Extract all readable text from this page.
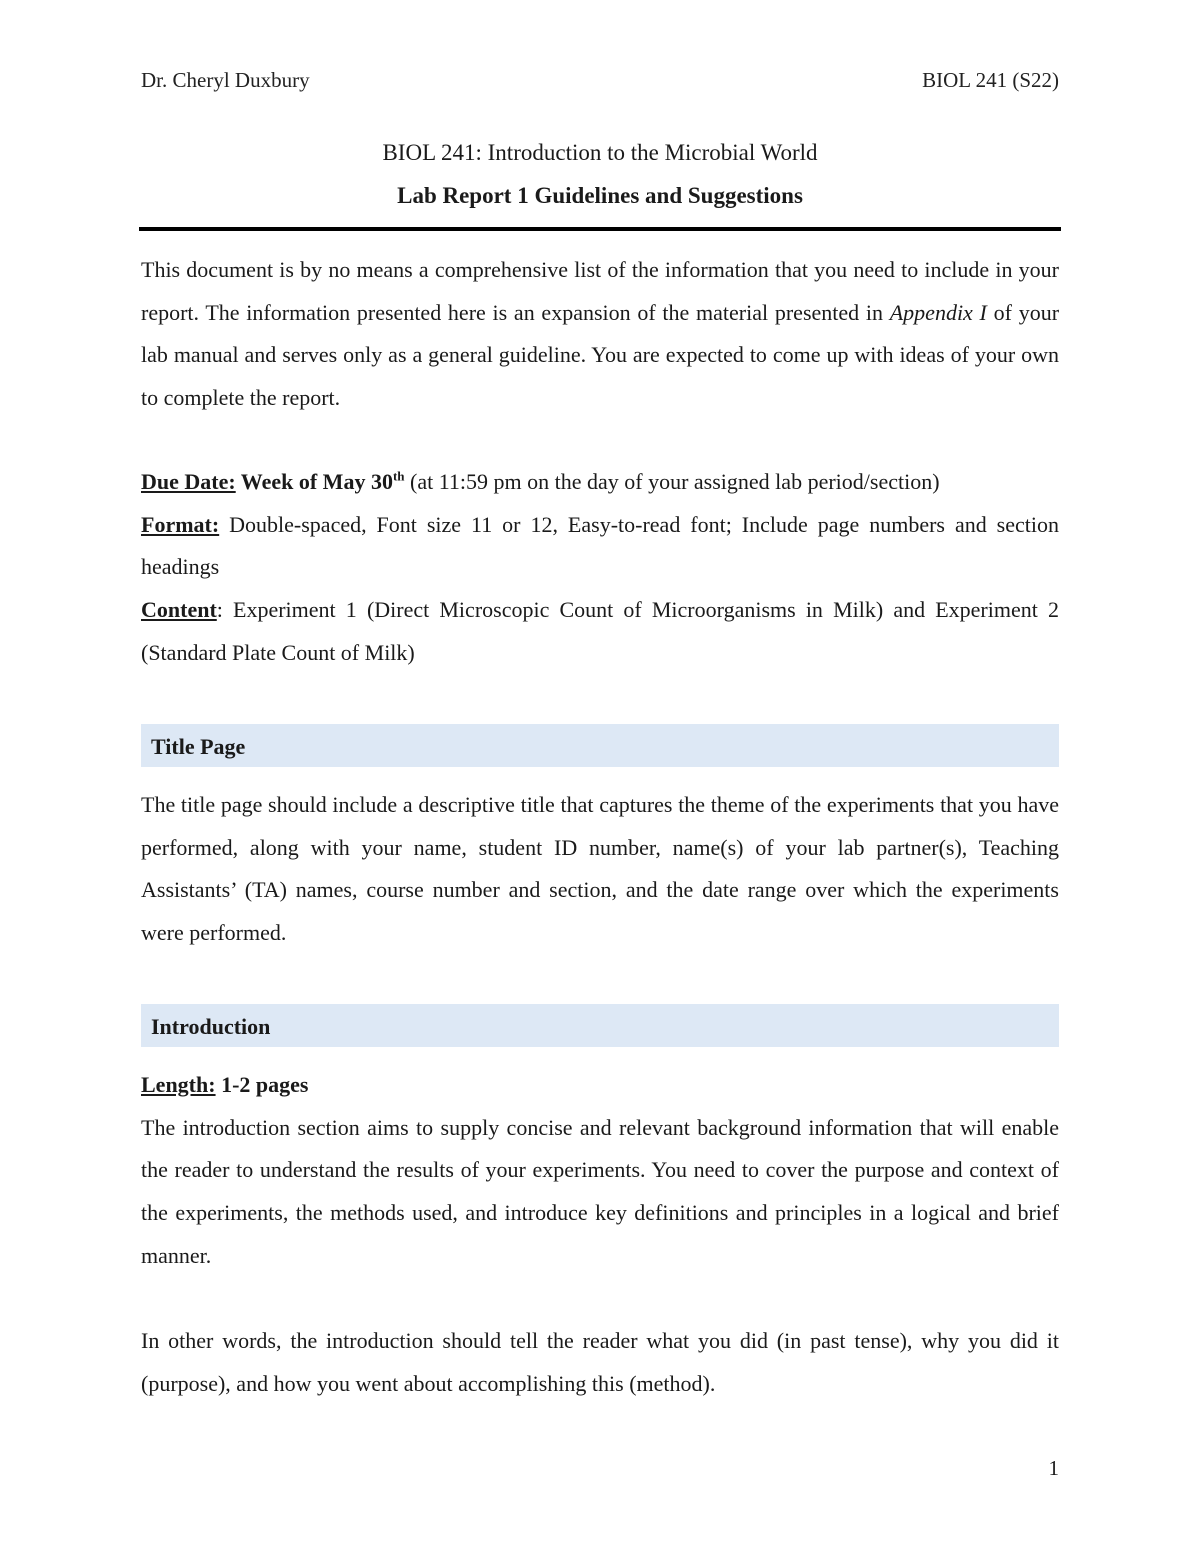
Dr. Cheryl Duxbury	BIOL 241 (S22)
BIOL 241: Introduction to the Microbial World
Lab Report 1 Guidelines and Suggestions

This document is by no means a comprehensive list of the information that you need to include in your report. The information presented here is an expansion of the material presented in Appendix I of your lab manual and serves only as a general guideline. You are expected to come up with ideas of your own to complete the report.

Due Date: Week of May 30th (at 11:59 pm on the day of your assigned lab period/section)

Format: Double-spaced, Font size 11 or 12, Easy-to-read font; Include page numbers and section headings

Content: Experiment 1 (Direct Microscopic Count of Microorganisms in Milk) and Experiment 2 (Standard Plate Count of Milk)

Title Page

The title page should include a descriptive title that captures the theme of the experiments that you have performed, along with your name, student ID number, name(s) of your lab partner(s), Teaching Assistants’ (TA) names, course number and section, and the date range over which the experiments were performed.

Introduction

Length: 1-2 pages

The introduction section aims to supply concise and relevant background information that will enable the reader to understand the results of your experiments. You need to cover the purpose and context of the experiments, the methods used, and introduce key definitions and principles in a logical and brief manner.

In other words, the introduction should tell the reader what you did (in past tense), why you did it (purpose), and how you went about accomplishing this (method).

1
